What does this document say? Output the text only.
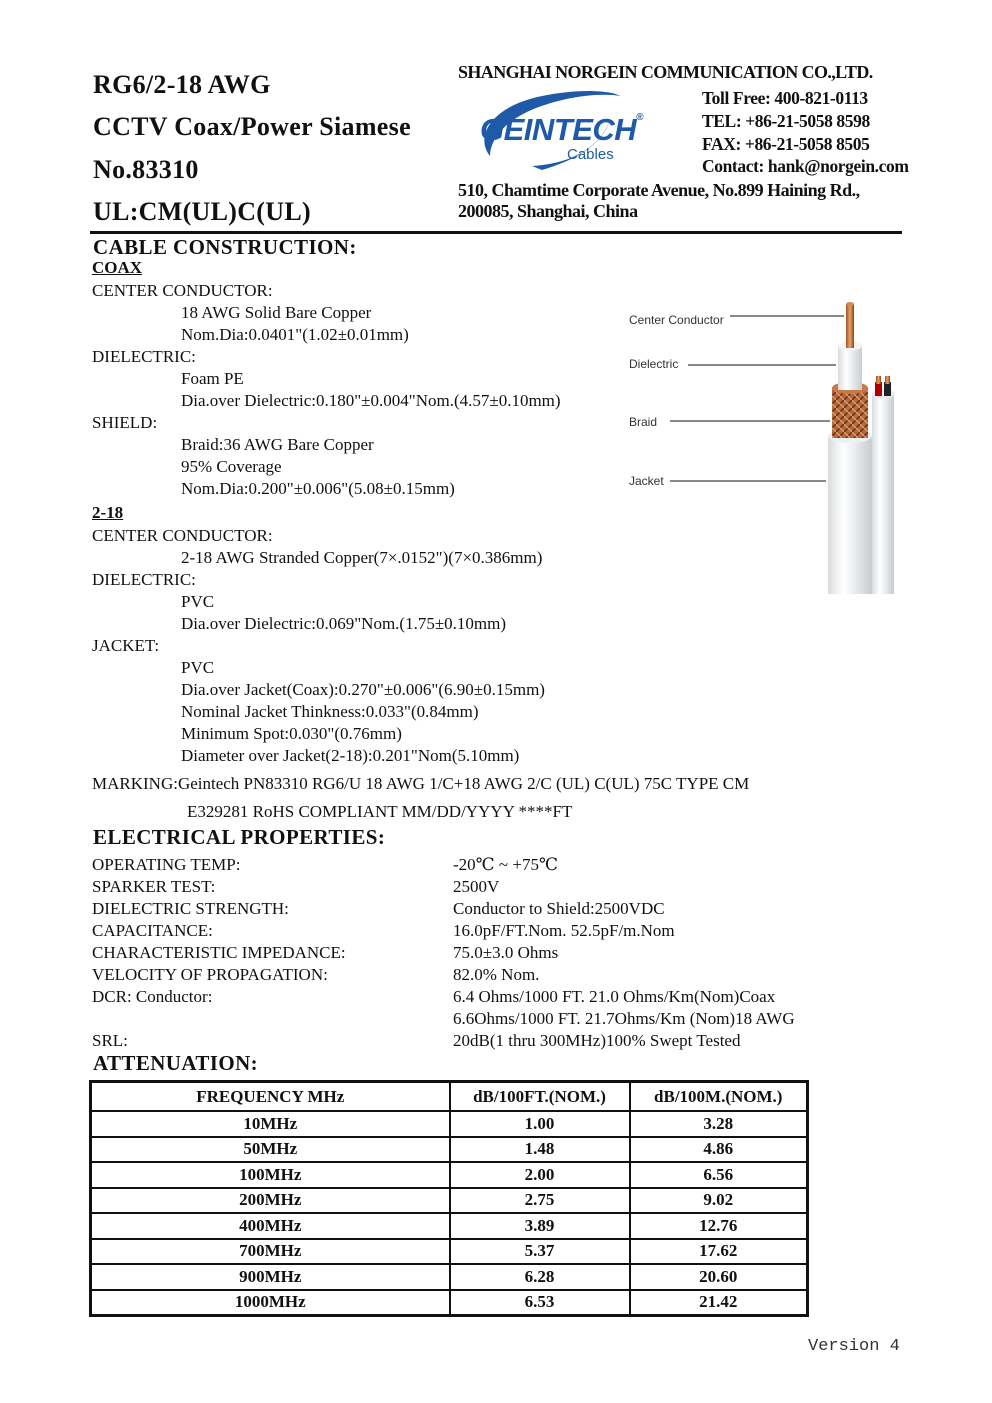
RG6/2-18 AWG
CCTV Coax/Power Siamese
No.83310
UL:CM(UL)C(UL)
SHANGHAI NORGEIN COMMUNICATION CO.,LTD.
GEINTECH®
Cables
Toll Free: 400-821-0113
TEL: +86-21-5058 8598
FAX: +86-21-5058 8505
Contact: hank@norgein.com
510, Chamtime Corporate Avenue, No.899 Haining Rd.,
200085, Shanghai, China
CABLE CONSTRUCTION:
COAX
CENTER CONDUCTOR:
18 AWG Solid Bare Copper
Nom.Dia:0.0401"(1.02±0.01mm)
DIELECTRIC:
Foam PE
Dia.over Dielectric:0.180"±0.004"Nom.(4.57±0.10mm)
SHIELD:
Braid:36 AWG Bare Copper
95% Coverage
Nom.Dia:0.200"±0.006"(5.08±0.15mm)
2-18
CENTER CONDUCTOR:
2-18 AWG Stranded Copper(7×.0152")(7×0.386mm)
DIELECTRIC:
PVC
Dia.over Dielectric:0.069"Nom.(1.75±0.10mm)
JACKET:
PVC
Dia.over Jacket(Coax):0.270"±0.006"(6.90±0.15mm)
Nominal Jacket Thinkness:0.033"(0.84mm)
Minimum Spot:0.030"(0.76mm)
Diameter over Jacket(2-18):0.201"Nom(5.10mm)
MARKING:Geintech PN83310 RG6/U 18 AWG 1/C+18 AWG 2/C (UL) C(UL) 75C TYPE CM
E329281 RoHS COMPLIANT MM/DD/YYYY ****FT
Center Conductor
Dielectric
Braid
Jacket
ELECTRICAL PROPERTIES:
OPERATING TEMP:	-20℃ ~ +75℃
SPARKER TEST:	2500V
DIELECTRIC STRENGTH:	Conductor to Shield:2500VDC
CAPACITANCE:	16.0pF/FT.Nom. 52.5pF/m.Nom
CHARACTERISTIC IMPEDANCE:	75.0±3.0 Ohms
VELOCITY OF PROPAGATION:	82.0% Nom.
DCR: Conductor:	6.4 Ohms/1000 FT. 21.0 Ohms/Km(Nom)Coax
6.6Ohms/1000 FT. 21.7Ohms/Km (Nom)18 AWG
SRL:	20dB(1 thru 300MHz)100% Swept Tested
ATTENUATION:
FREQUENCY MHz	dB/100FT.(NOM.)	dB/100M.(NOM.)
10MHz	1.00	3.28
50MHz	1.48	4.86
100MHz	2.00	6.56
200MHz	2.75	9.02
400MHz	3.89	12.76
700MHz	5.37	17.62
900MHz	6.28	20.60
1000MHz	6.53	21.42
Version 4
